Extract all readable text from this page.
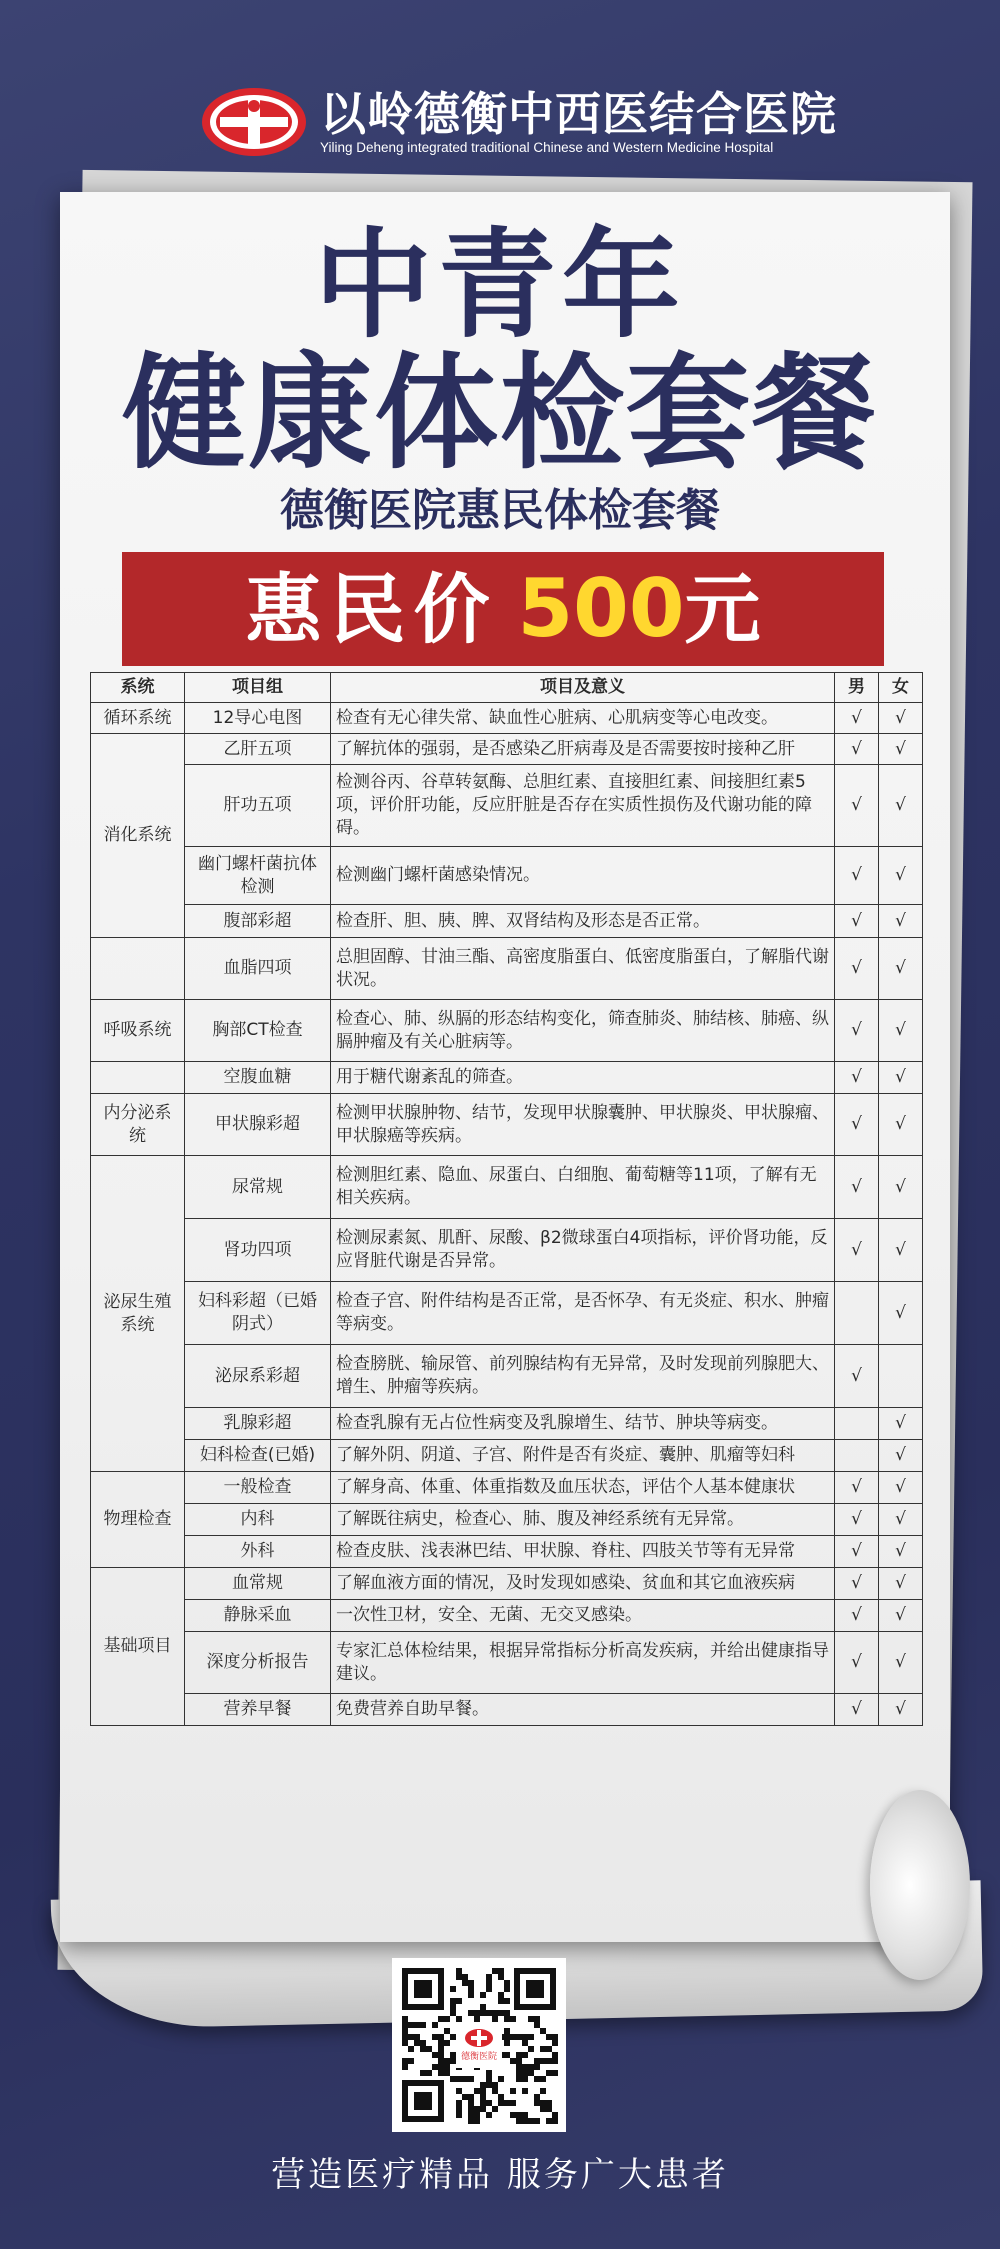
以岭德衡中西医结合医院
Yiling Deheng integrated traditional Chinese and Western Medicine Hospital
中青年
健康体检套餐
德衡医院惠民体检套餐
惠民价 500元
系统	项目组	项目及意义	男	女
循环系统	12导心电图	检查有无心律失常、缺血性心脏病、心肌病变等心电改变。	√	√
消化系统	乙肝五项	了解抗体的强弱，是否感染乙肝病毒及是否需要按时接种乙肝	√	√
	肝功五项	检测谷丙、谷草转氨酶、总胆红素、直接胆红素、间接胆红素5项，评价肝功能，反应肝脏是否存在实质性损伤及代谢功能的障碍。	√	√
	幽门螺杆菌抗体检测	检测幽门螺杆菌感染情况。	√	√
	腹部彩超	检查肝、胆、胰、脾、双肾结构及形态是否正常。	√	√
	血脂四项	总胆固醇、甘油三酯、高密度脂蛋白、低密度脂蛋白，了解脂代谢状况。	√	√
呼吸系统	胸部CT检查	检查心、肺、纵膈的形态结构变化，筛查肺炎、肺结核、肺癌、纵膈肿瘤及有关心脏病等。	√	√
	空腹血糖	用于糖代谢紊乱的筛查。	√	√
内分泌系统	甲状腺彩超	检测甲状腺肿物、结节，发现甲状腺囊肿、甲状腺炎、甲状腺瘤、甲状腺癌等疾病。	√	√
泌尿生殖系统	尿常规	检测胆红素、隐血、尿蛋白、白细胞、葡萄糖等11项，了解有无相关疾病。	√	√
	肾功四项	检测尿素氮、肌酐、尿酸、β2微球蛋白4项指标，评价肾功能，反应肾脏代谢是否异常。	√	√
	妇科彩超（已婚阴式）	检查子宫、附件结构是否正常，是否怀孕、有无炎症、积水、肿瘤等病变。		√
	泌尿系彩超	检查膀胱、输尿管、前列腺结构有无异常，及时发现前列腺肥大、增生、肿瘤等疾病。	√	
	乳腺彩超	检查乳腺有无占位性病变及乳腺增生、结节、肿块等病变。		√
	妇科检查(已婚)	了解外阴、阴道、子宫、附件是否有炎症、囊肿、肌瘤等妇科		√
物理检查	一般检查	了解身高、体重、体重指数及血压状态，评估个人基本健康状	√	√
	内科	了解既往病史，检查心、肺、腹及神经系统有无异常。	√	√
	外科	检查皮肤、浅表淋巴结、甲状腺、脊柱、四肢关节等有无异常	√	√
基础项目	血常规	了解血液方面的情况，及时发现如感染、贫血和其它血液疾病	√	√
	静脉采血	一次性卫材，安全、无菌、无交叉感染。	√	√
	深度分析报告	专家汇总体检结果，根据异常指标分析高发疾病，并给出健康指导建议。	√	√
	营养早餐	免费营养自助早餐。	√	√
德衡医院
营造医疗精品 服务广大患者
